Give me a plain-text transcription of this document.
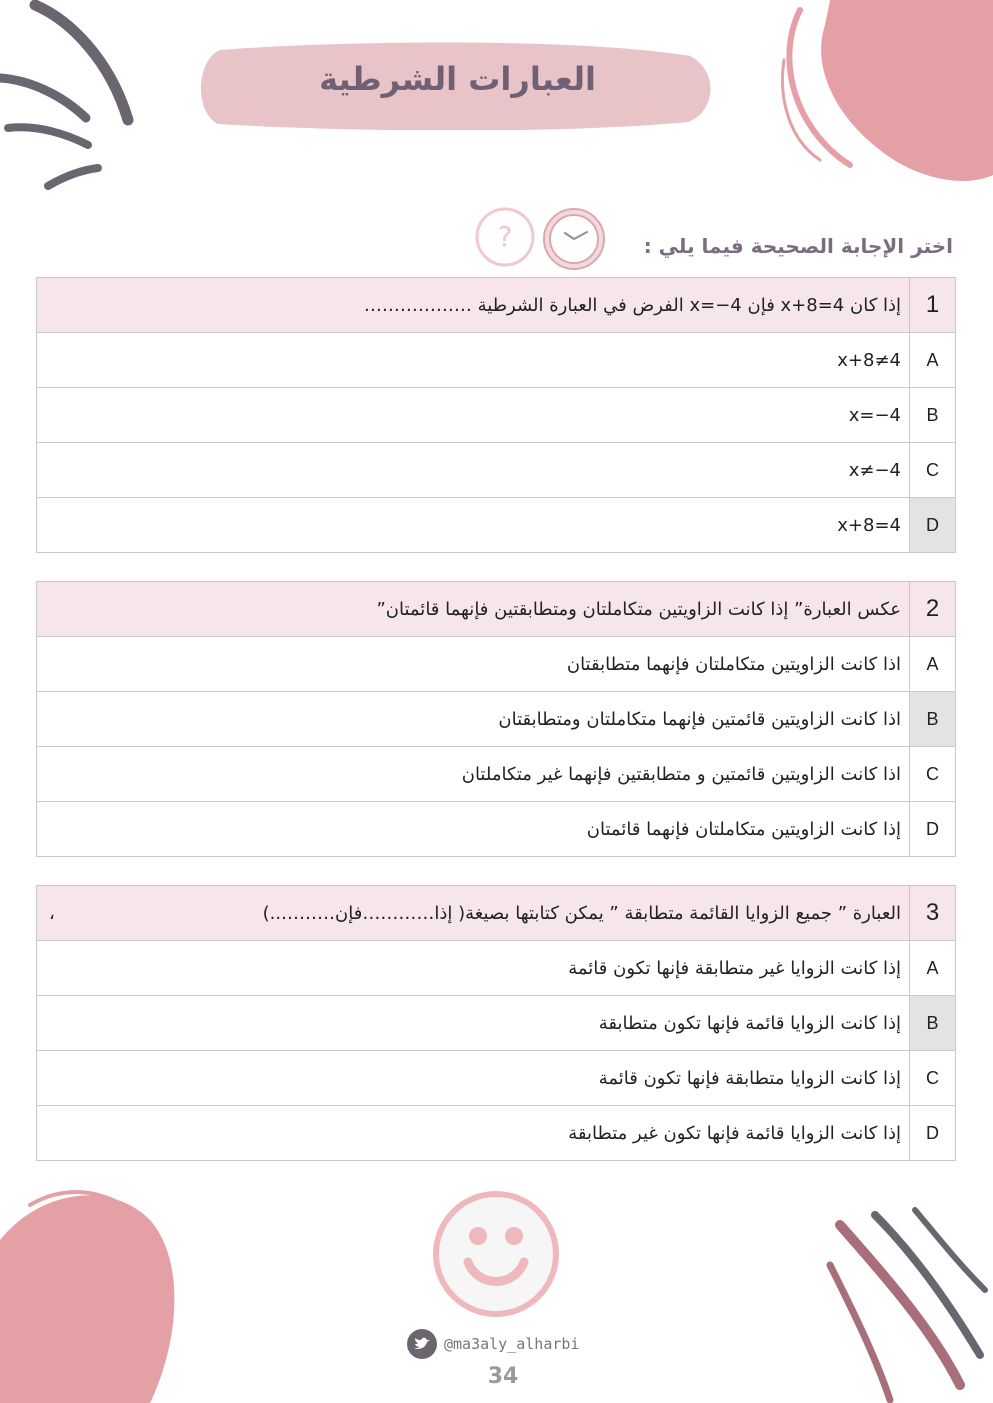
العبارات الشرطية
اختر الإجابة الصحيحة فيما يلي :
?
1	إذا كان x+8=4 فإن x=−4 الفرض في العبارة الشرطية ………………
A	x+8≠4
B	x=−4
C	x≠−4
D	x+8=4
2	عكس العبارة” إذا كانت الزاويتين متكاملتان ومتطابقتين فإنهما قائمتان”
A	اذا كانت الزاويتين متكاملتان فإنهما متطابقتان
B	اذا كانت الزاويتين قائمتين فإنهما متكاملتان ومتطابقتان
C	اذا كانت الزاويتين قائمتين و متطابقتين فإنهما غير متكاملتان
D	إذا كانت الزاويتين متكاملتان فإنهما قائمتان
3	العبارة ” جميع الزوايا القائمة متطابقة ” يمكن كتابتها بصيغة( إذا…………فإن………..)
،

A	إذا كانت الزوايا غير متطابقة فإنها تكون قائمة
B	إذا كانت الزوايا قائمة فإنها تكون متطابقة
C	إذا كانت الزوايا متطابقة فإنها تكون قائمة
D	إذا كانت الزوايا قائمة فإنها تكون غير متطابقة
@ma3aly_alharbi
34
